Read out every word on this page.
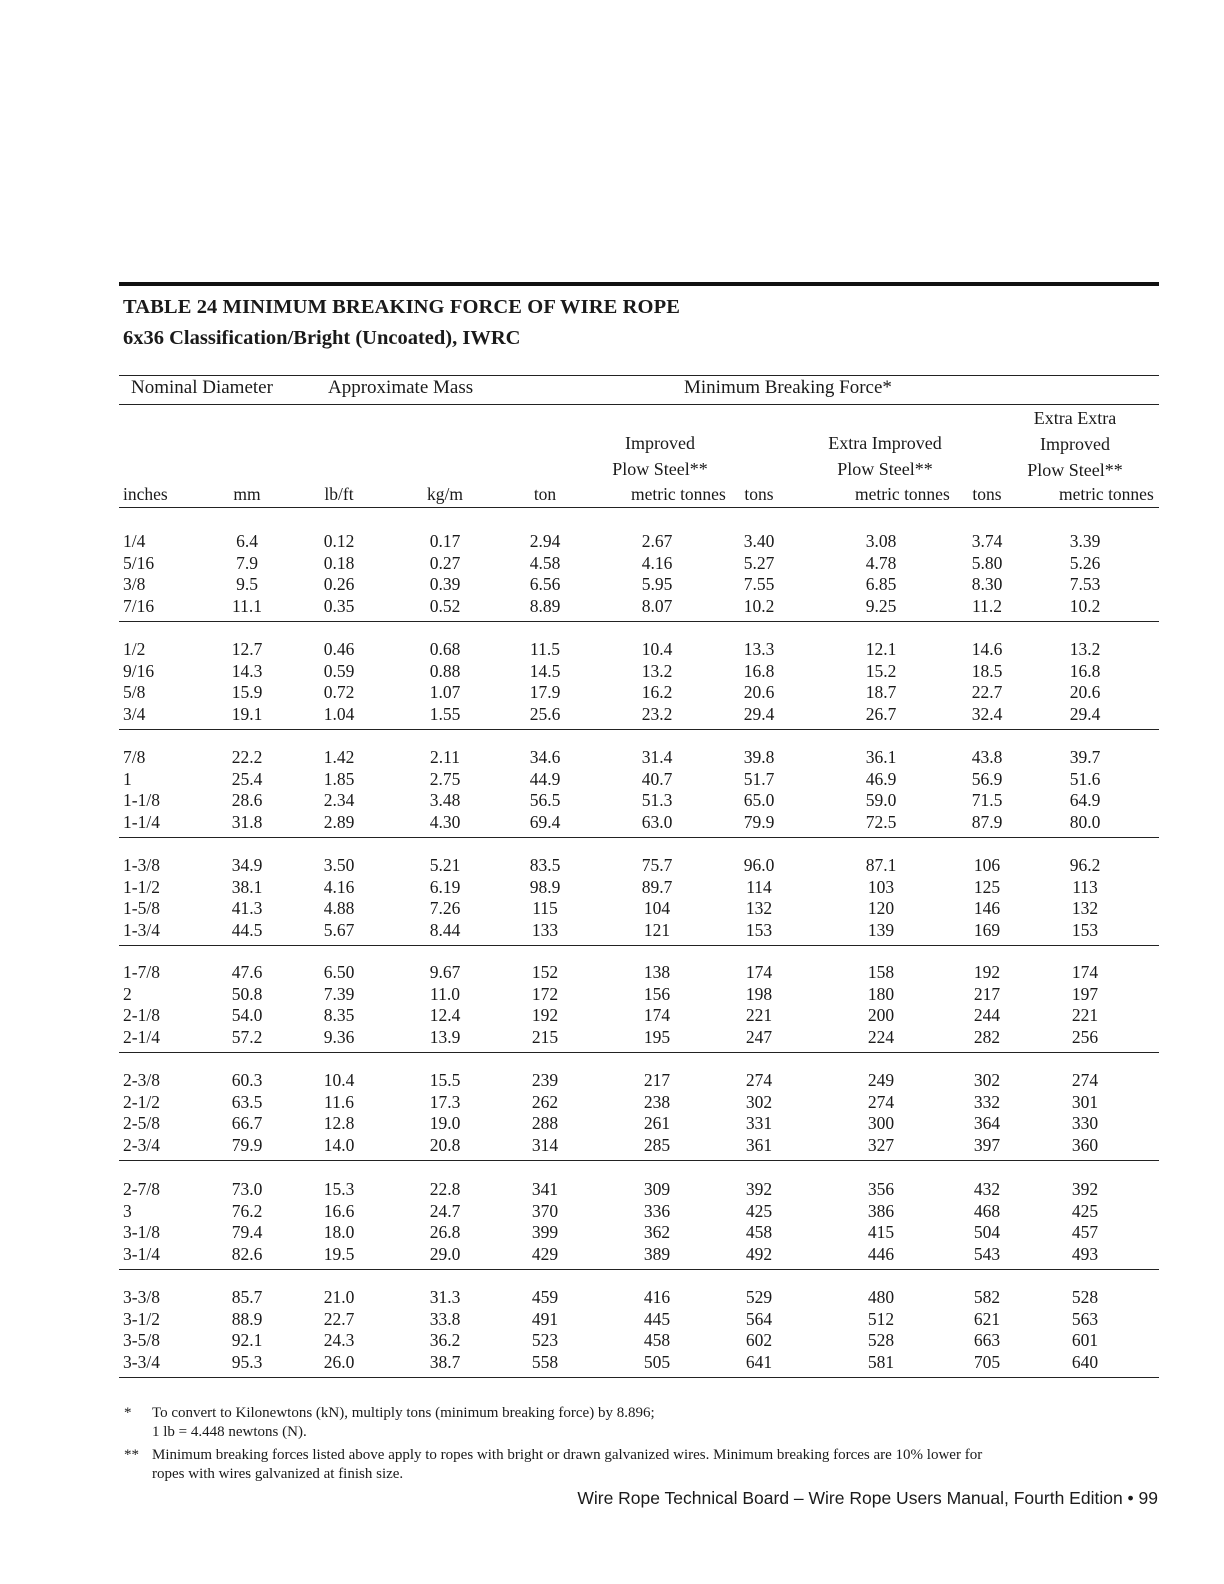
TABLE 24 MINIMUM BREAKING FORCE OF WIRE ROPE
6x36 Classification/Bright (Uncoated), IWRC
Nominal Diameter	Approximate Mass	Minimum Breaking Force*
Improved
Plow Steel**
Extra Improved
Plow Steel**
Extra Extra
Improved
Plow Steel**
inches	mm	lb/ft	kg/m	ton	metric tonnes	tons	metric tonnes	tons	metric tonnes
1/4	6.4	0.12	0.17	2.94	2.67	3.40	3.08	3.74	3.39
5/16	7.9	0.18	0.27	4.58	4.16	5.27	4.78	5.80	5.26
3/8	9.5	0.26	0.39	6.56	5.95	7.55	6.85	8.30	7.53
7/16	11.1	0.35	0.52	8.89	8.07	10.2	9.25	11.2	10.2
1/2	12.7	0.46	0.68	11.5	10.4	13.3	12.1	14.6	13.2
9/16	14.3	0.59	0.88	14.5	13.2	16.8	15.2	18.5	16.8
5/8	15.9	0.72	1.07	17.9	16.2	20.6	18.7	22.7	20.6
3/4	19.1	1.04	1.55	25.6	23.2	29.4	26.7	32.4	29.4
7/8	22.2	1.42	2.11	34.6	31.4	39.8	36.1	43.8	39.7
1	25.4	1.85	2.75	44.9	40.7	51.7	46.9	56.9	51.6
1-1/8	28.6	2.34	3.48	56.5	51.3	65.0	59.0	71.5	64.9
1-1/4	31.8	2.89	4.30	69.4	63.0	79.9	72.5	87.9	80.0
1-3/8	34.9	3.50	5.21	83.5	75.7	96.0	87.1	106	96.2
1-1/2	38.1	4.16	6.19	98.9	89.7	114	103	125	113
1-5/8	41.3	4.88	7.26	115	104	132	120	146	132
1-3/4	44.5	5.67	8.44	133	121	153	139	169	153
1-7/8	47.6	6.50	9.67	152	138	174	158	192	174
2	50.8	7.39	11.0	172	156	198	180	217	197
2-1/8	54.0	8.35	12.4	192	174	221	200	244	221
2-1/4	57.2	9.36	13.9	215	195	247	224	282	256
2-3/8	60.3	10.4	15.5	239	217	274	249	302	274
2-1/2	63.5	11.6	17.3	262	238	302	274	332	301
2-5/8	66.7	12.8	19.0	288	261	331	300	364	330
2-3/4	79.9	14.0	20.8	314	285	361	327	397	360
2-7/8	73.0	15.3	22.8	341	309	392	356	432	392
3	76.2	16.6	24.7	370	336	425	386	468	425
3-1/8	79.4	18.0	26.8	399	362	458	415	504	457
3-1/4	82.6	19.5	29.0	429	389	492	446	543	493
3-3/8	85.7	21.0	31.3	459	416	529	480	582	528
3-1/2	88.9	22.7	33.8	491	445	564	512	621	563
3-5/8	92.1	24.3	36.2	523	458	602	528	663	601
3-3/4	95.3	26.0	38.7	558	505	641	581	705	640
* To convert to Kilonewtons (kN), multiply tons (minimum breaking force) by 8.896;
1 lb = 4.448 newtons (N).
** Minimum breaking forces listed above apply to ropes with bright or drawn galvanized wires. Minimum breaking forces are 10% lower for
ropes with wires galvanized at finish size.
Wire Rope Technical Board – Wire Rope Users Manual, Fourth Edition • 99
